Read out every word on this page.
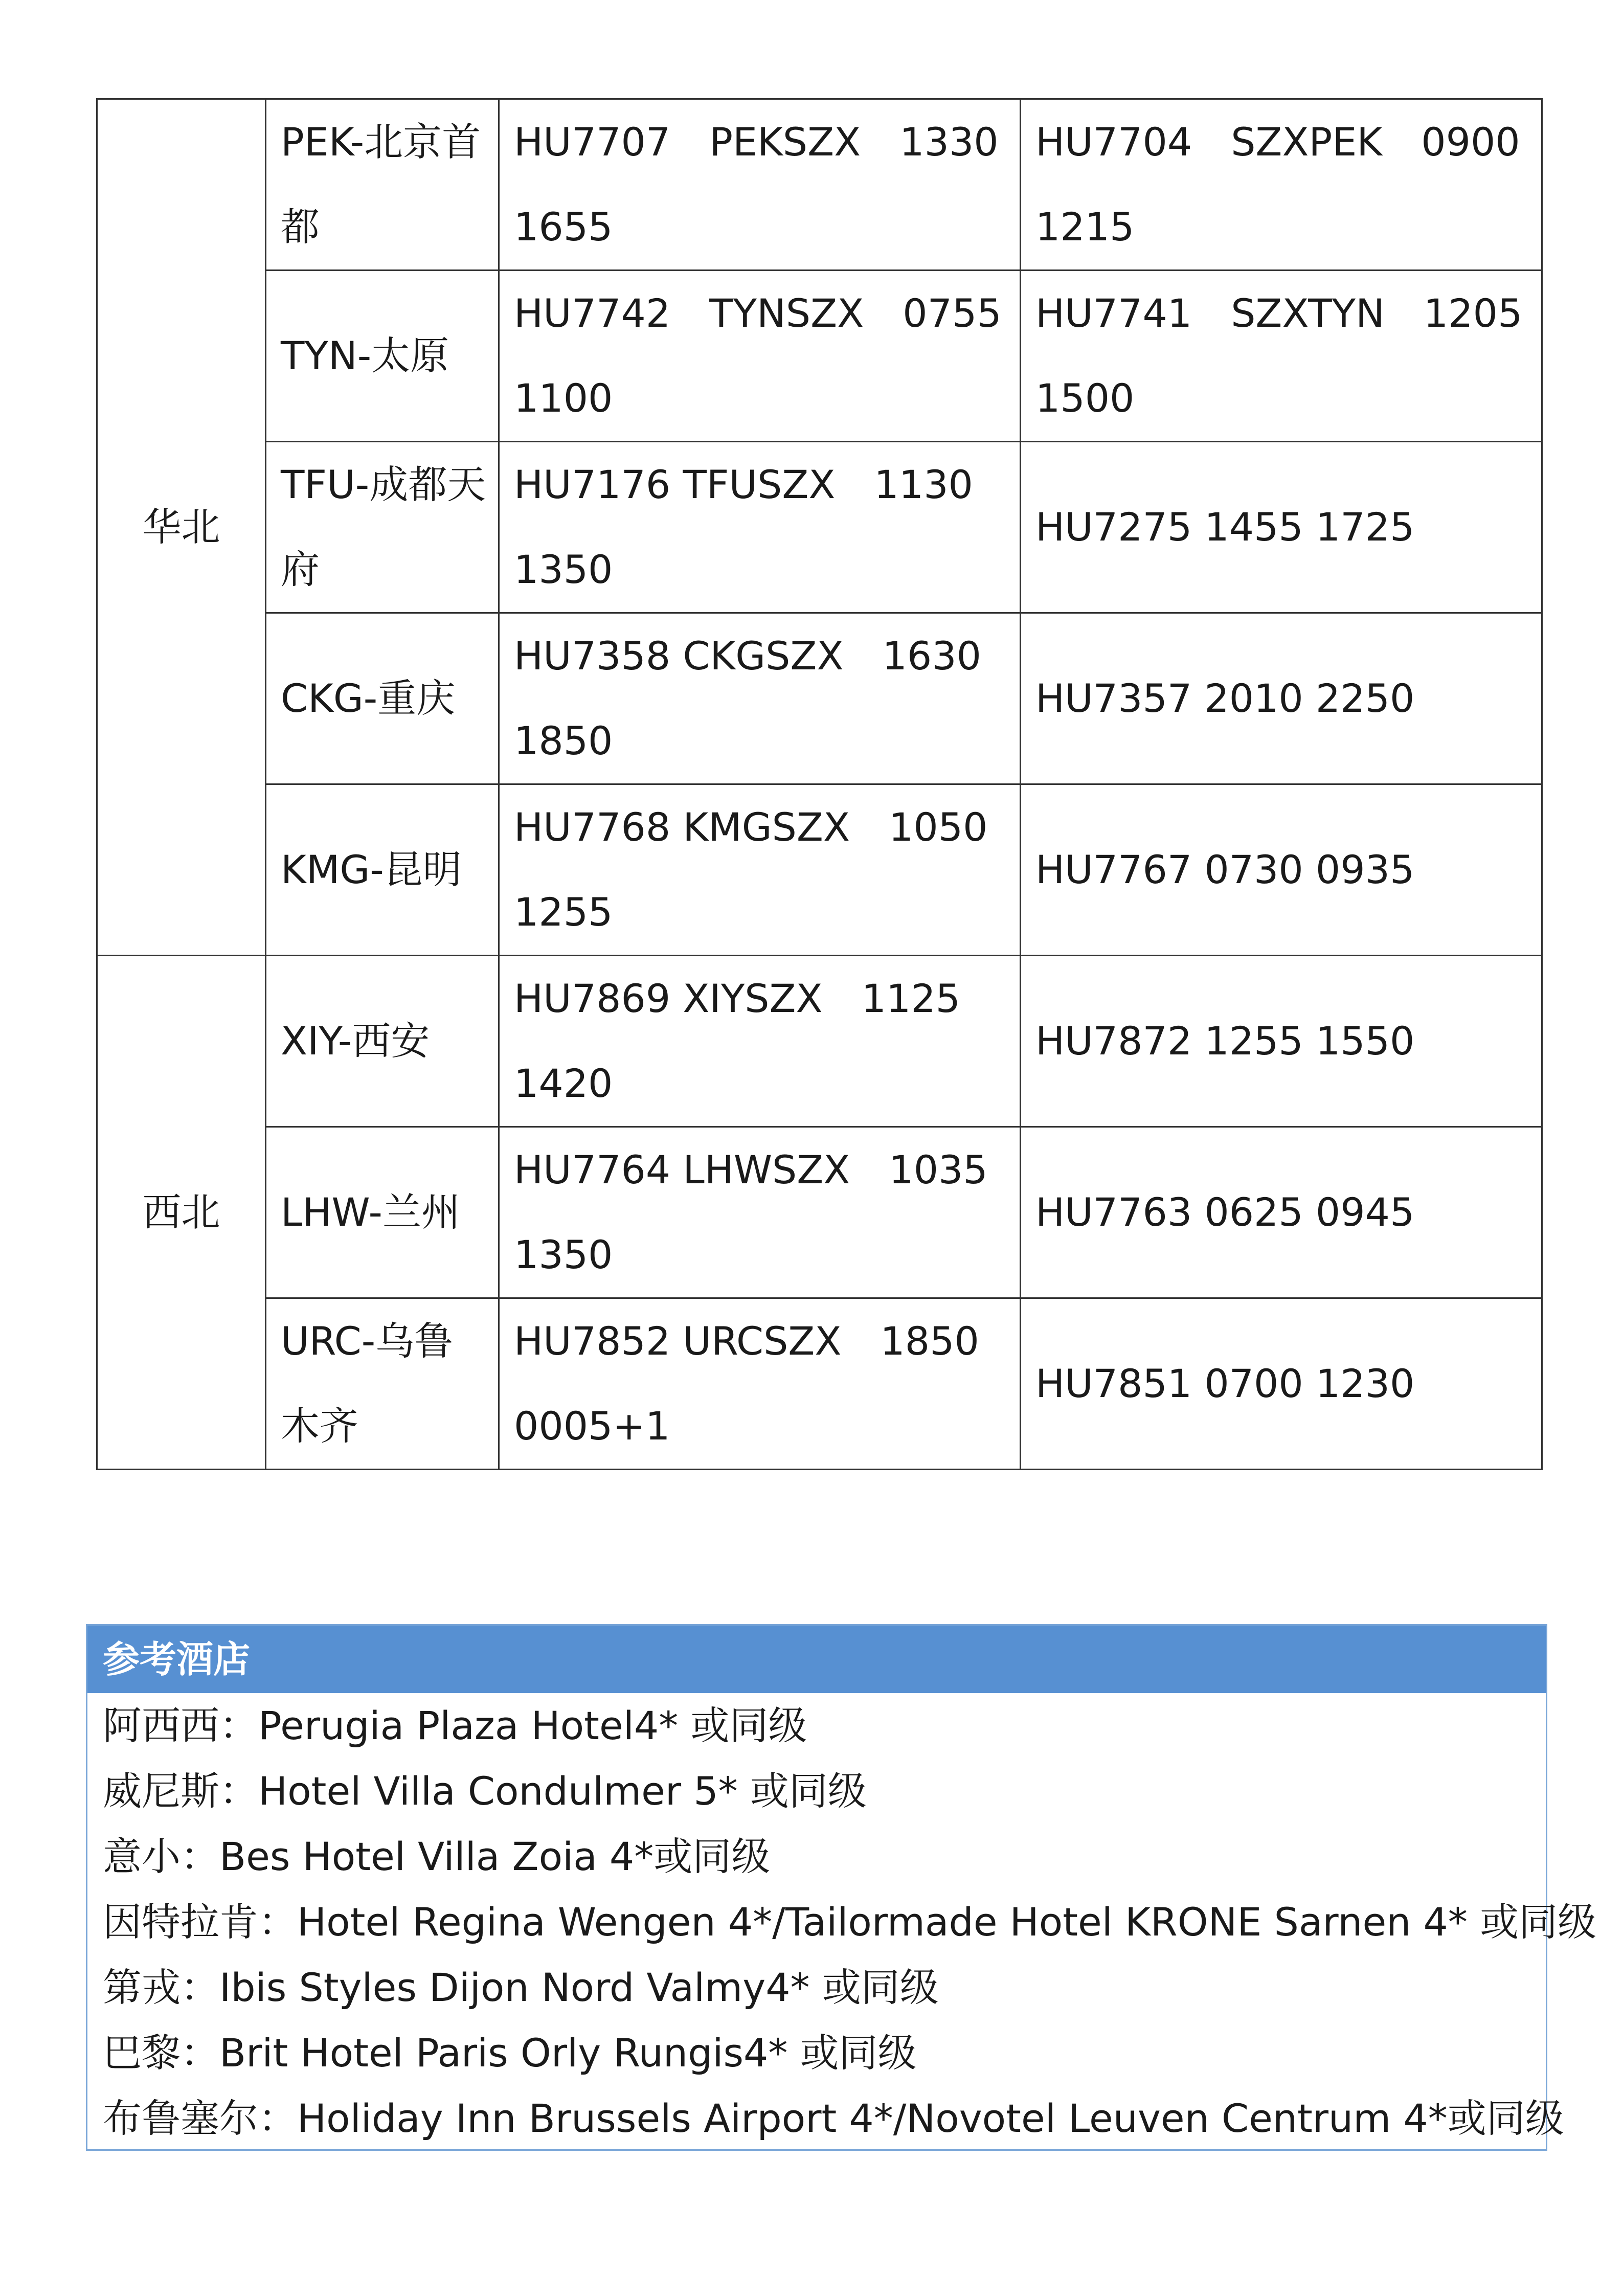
华北	PEK-北京首都	HU7707　PEKSZX　1330 1655	HU7704　SZXPEK　0900 1215
	TYN-太原	HU7742　TYNSZX　0755 1100	HU7741　SZXTYN　1205 1500
	TFU-成都天府	HU7176 TFUSZX　1130 1350	HU7275 1455 1725
	CKG-重庆	HU7358 CKGSZX　1630 1850	HU7357 2010 2250
	KMG-昆明	HU7768 KMGSZX　1050 1255	HU7767 0730 0935
西北	XIY-西安	HU7869 XIYSZX　1125 1420	HU7872 1255 1550
	LHW-兰州	HU7764 LHWSZX　1035 1350	HU7763 0625 0945
	URC-乌鲁木齐	HU7852 URCSZX　1850 0005+1	HU7851 0700 1230
参考酒店
阿西西：Perugia Plaza Hotel4* 或同级
威尼斯：Hotel Villa Condulmer 5* 或同级
意小：Bes Hotel Villa Zoia 4*或同级
因特拉肯：Hotel Regina Wengen 4*/Tailormade Hotel KRONE Sarnen 4* 或同级
第戎：Ibis Styles Dijon Nord Valmy4* 或同级
巴黎：Brit Hotel Paris Orly Rungis4* 或同级
布鲁塞尔：Holiday Inn Brussels Airport 4*/Novotel Leuven Centrum 4*或同级
